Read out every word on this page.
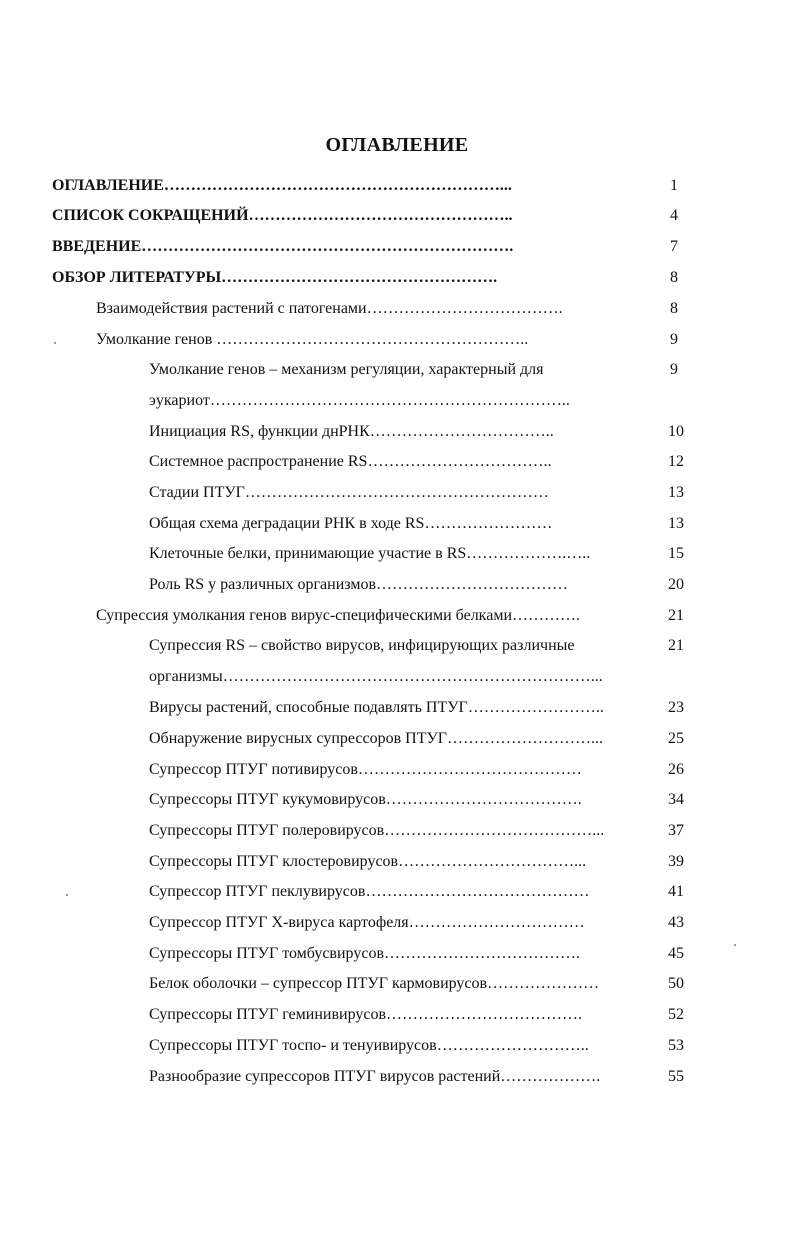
ОГЛАВЛЕНИЕ
ОГЛАВЛЕНИЕ………………………………………………………...	1
СПИСОК СОКРАЩЕНИЙ…………………………………………..	4
ВВЕДЕНИЕ…………………………………………………………….	7
ОБЗОР ЛИТЕРАТУРЫ…………………………………………….	8
Взаимодействия растений с патогенами……………………………….	8
Умолкание генов …………………………………………………..	9
Умолкание генов – механизм регуляции, характерный для	9
эукариот…………………………………………………………..
Инициация RS, функции днРНК……………………………..	10
Системное распространение RS……………………………..	12
Стадии ПТУГ…………………………………………………	13
Общая схема деградации РНК в ходе RS……………………	13
Клеточные белки, принимающие участие в RS……………….…..	15
Роль RS у различных организмов………………………………	20
Супрессия умолкания генов вирус-специфическими белками………….	21
Супрессия RS – свойство вирусов, инфицирующих различные	21
организмы……………………………………………………………...
Вирусы растений, способные подавлять ПТУГ……………………..	23
Обнаружение вирусных супрессоров ПТУГ………………………...	25
Супрессор ПТУГ потивирусов……………………………………	26
Супрессоры ПТУГ кукумовирусов……………………………….	34
Супрессоры ПТУГ полеровирусов…………………………………...	37
Супрессоры ПТУГ клостеровирусов……………………………...	39
Супрессор ПТУГ пеклувирусов……………………………………	41
Супрессор ПТУГ Х-вируса картофеля……………………………	43
Супрессоры ПТУГ томбусвирусов……………………………….	45
Белок оболочки – супрессор ПТУГ кармовирусов…………………	50
Супрессоры ПТУГ геминивирусов……………………………….	52
Супрессоры ПТУГ тоспо- и тенуивирусов………………………..	53
Разнообразие супрессоров ПТУГ вирусов растений……………….	55
